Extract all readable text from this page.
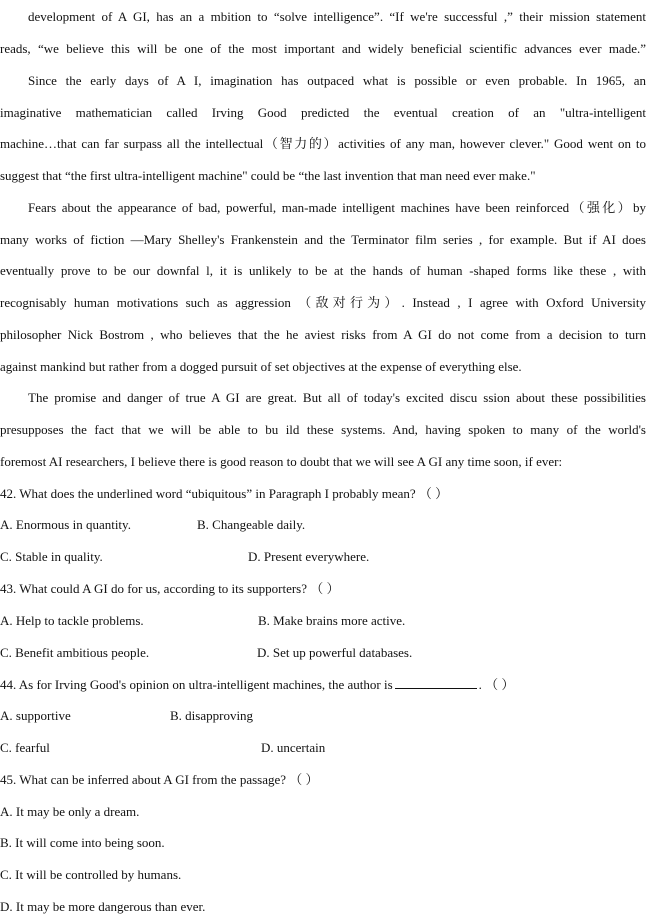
development of A GI, has an a mbition to “solve intelligence”. “If we're successful ,” their mission statement
reads, “we believe this will be one of the most important and widely beneficial scientific advances ever made.”
Since the early days of A I, imagination has outpaced what is possible or even probable. In 1965, an
imaginative mathematician called Irving Good predicted the eventual creation of an "ultra-intelligent
machine…that can far surpass all the intellectual（智力的）activities of any man, however clever." Good went on to
suggest that “the first ultra-intelligent machine" could be “the last invention that man need ever make."
Fears about the appearance of bad, powerful, man-made intelligent machines have been reinforced（强化）by
many works of fiction —Mary Shelley's Frankenstein and the Terminator film series , for example. But if AI does
eventually prove to be our downfal l, it is unlikely to be at the hands of human -shaped forms like these , with
recognisably human motivations such as aggression （敌对行为）. Instead , I agree with Oxford University
philosopher Nick Bostrom , who believes that the he aviest risks from A GI do not come from a decision to turn
against mankind but rather from a dogged pursuit of set objectives at the expense of everything else.
The promise and danger of true A GI are great. But all of today's excited discu ssion about these possibilities
presupposes the fact that we will be able to bu ild these systems. And, having spoken to many of the world's
foremost AI researchers, I believe there is good reason to doubt that we will see A GI any time soon, if ever:
42. What does the underlined word “ubiquitous” in Paragraph I probably mean? （ ）
A. Enormous in quantity.	B. Changeable daily.
C. Stable in quality.	D. Present everywhere.
43. What could A GI do for us, according to its supporters? （ ）
A. Help to tackle problems.	B. Make brains more active.
C. Benefit ambitious people.	D. Set up powerful databases.
44. As for Irving Good's opinion on ultra-intelligent machines, the author is	. （ ）
A. supportive	B. disapproving
C. fearful	D. uncertain
45. What can be inferred about A GI from the passage? （ ）
A. It may be only a dream.
B. It will come into being soon.
C. It will be controlled by humans.
D. It may be more dangerous than ever.
